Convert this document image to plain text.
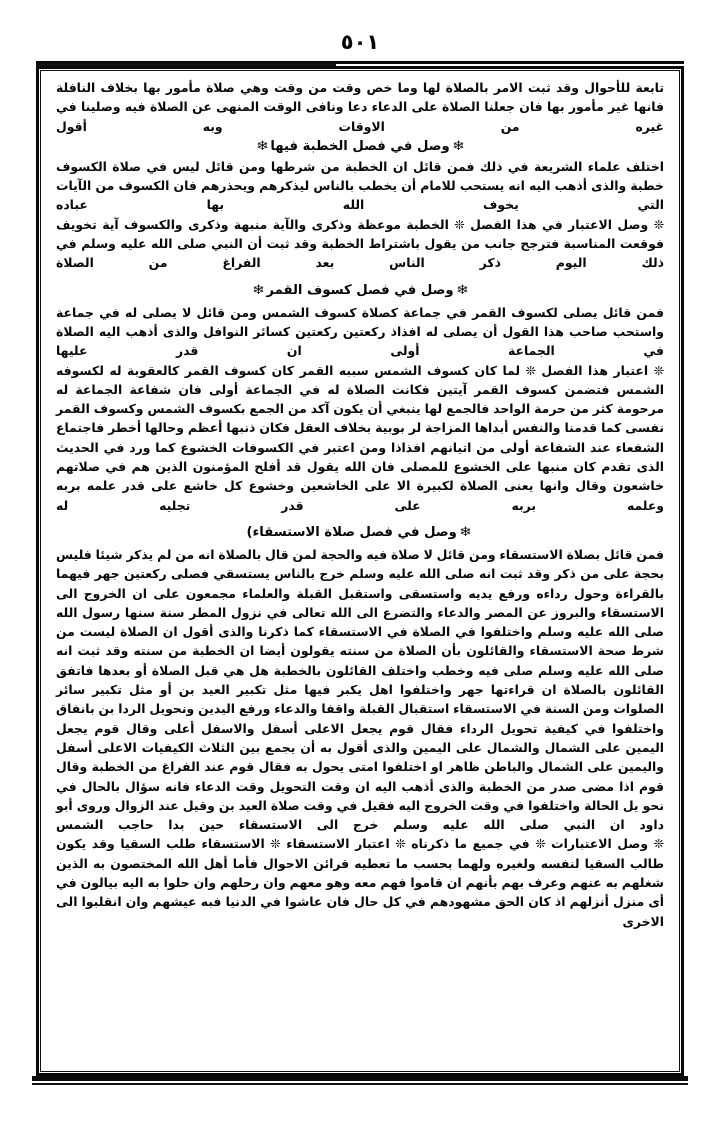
٥٠١

تابعة للأحوال وقد ثبت الامر بالصلاة لها وما خص وقت من وقت وهي صلاة مأمور بها بخلاف النافلة فانها غير مأمور بها فان جعلنا الصلاة على الدعاء دعا ونافى الوقت المنهى عن الصلاة فيه وصلينا في غيره من الاوقات وبه أقول

❄وصل في فصل الخطبة فيها❄

اختلف علماء الشريعة في ذلك فمن قائل ان الخطبة من شرطها ومن قائل ليس في صلاة الكسوف خطبة والذى أذهب اليه انه يستحب للامام أن يخطب بالناس ليذكرهم ويحذرهم فان الكسوف من الآيات التي يخوف الله بها عباده

❊ وصل الاعتبار في هذا الفصل ❊ الخطبة موعظة وذكرى والآية منبهة وذكرى والكسوف آية تخويف فوقعت المناسبة فترجح جانب من يقول باشتراط الخطبة وقد ثبت أن النبي صلى الله عليه وسلم في ذلك اليوم ذكر الناس بعد الفراغ من الصلاة

❄وصل في فصل كسوف القمر❄

فمن قائل يصلى لكسوف القمر في جماعة كصلاة كسوف الشمس ومن قائل لا يصلى له في جماعة واستحب صاحب هذا القول أن يصلى له افذاذ ركعتين ركعتين كسائر النوافل والذى أذهب اليه الصلاة في الجماعة أولى ان قدر عليها

❊ اعتبار هذا الفصل ❊ لما كان كسوف الشمس سببه القمر كان كسوف القمر كالعقوبة له لكسوفه الشمس فتضمن كسوف القمر آيتين فكانت الصلاة له في الجماعة أولى فان شفاعة الجماعة له مرحومة كثر من حرمة الواحد فالجمع لها ينبغي أن يكون آكد من الجمع بكسوف الشمس وكسوف القمر نفسى كما قدمنا والنفس أبداها المزاجة لر بوبية بخلاف العقل فكان ذنبها أعظم وحالها أخطر فاجتماع الشفعاء عند الشفاعة أولى من اتيانهم افذاذا ومن اعتبر في الكسوفات الخشوع كما ورد في الحديث الذى تقدم كان منبها على الخشوع للمصلى فان الله يقول قد أفلح المؤمنون الذين هم في صلاتهم خاشعون وقال وانها يعنى الصلاة لكبيرة الا على الخاشعين وخشوع كل خاشع على قدر علمه بربه وعلمه بربه على قدر تجليه له

❄وصل في فصل صلاة الاستسقاء)

فمن قائل بصلاة الاستسقاء ومن قائل لا صلاة فيه والحجة لمن قال بالصلاة انه من لم يذكر شيئا فليس بحجة على من ذكر وقد ثبت انه صلى الله عليه وسلم خرج بالناس يستسقي فصلى ركعتين جهر فيهما بالقراءة وحول رداءه ورفع يديه واستسقى واستقبل القبلة والعلماء مجمعون على ان الخروج الى الاستسقاء والبروز عن المصر والدعاء والتضرع الى الله تعالى في نزول المطر سنة سنها رسول الله صلى الله عليه وسلم واختلفوا في الصلاة في الاستسقاء كما ذكرنا والذى أقول ان الصلاة ليست من شرط صحة الاستسقاء والقائلون بأن الصلاة من سنته يقولون أيضا ان الخطبة من سنته وقد ثبت انه صلى الله عليه وسلم صلى فيه وخطب واختلف القائلون بالخطبة هل هي قبل الصلاة أو بعدها فاتفق القائلون بالصلاة ان قراءتها جهر واختلفوا اهل يكبر فيها مثل تكبير العيد بن أو مثل تكبير سائر الصلوات ومن السنة في الاستسقاء استقبال القبلة واقفا والدعاء ورفع اليدين ونحويل الردا بن بانفاق واختلفوا في كيفية تحويل الرداء فقال قوم يجعل الاعلى أسفل والاسفل أعلى وقال قوم يجعل اليمين على الشمال والشمال على اليمين والذى أقول به أن يجمع بين الثلاث الكيفيات الاعلى أسفل واليمين على الشمال والباطن ظاهر او اختلفوا امتى يحول به فقال قوم عند الفراغ من الخطبة وقال قوم اذا مضى صدر من الخطبة والذى أذهب اليه ان وقت التحويل وقت الدعاء فانه سؤال بالحال في نحو يل الحالة واختلفوا في وقت الخروج اليه فقيل في وقت صلاة العيد بن وقيل عند الزوال وروى أبو داود ان النبي صلى الله عليه وسلم خرج الى الاستسقاء حين بدا حاجب الشمس

❊ وصل الاعتبارات ❊ في جميع ما ذكرناه ❊ اعتبار الاستسقاء ❊ الاستسقاء طلب السقيا وقد يكون طالب السقيا لنفسه ولغيره ولهما بحسب ما تعطيه قرائن الاحوال فأما أهل الله المختصون به الذين شغلهم به عنهم وعرف بهم بأنهم ان قاموا فهم معه وهو معهم وان رحلهم وان حلوا به اليه بيالون في أى منزل أنزلهم اذ كان الحق مشهودهم في كل حال فان عاشوا في الدنيا فبه عيشهم وان انقلبوا الى الاخرى
